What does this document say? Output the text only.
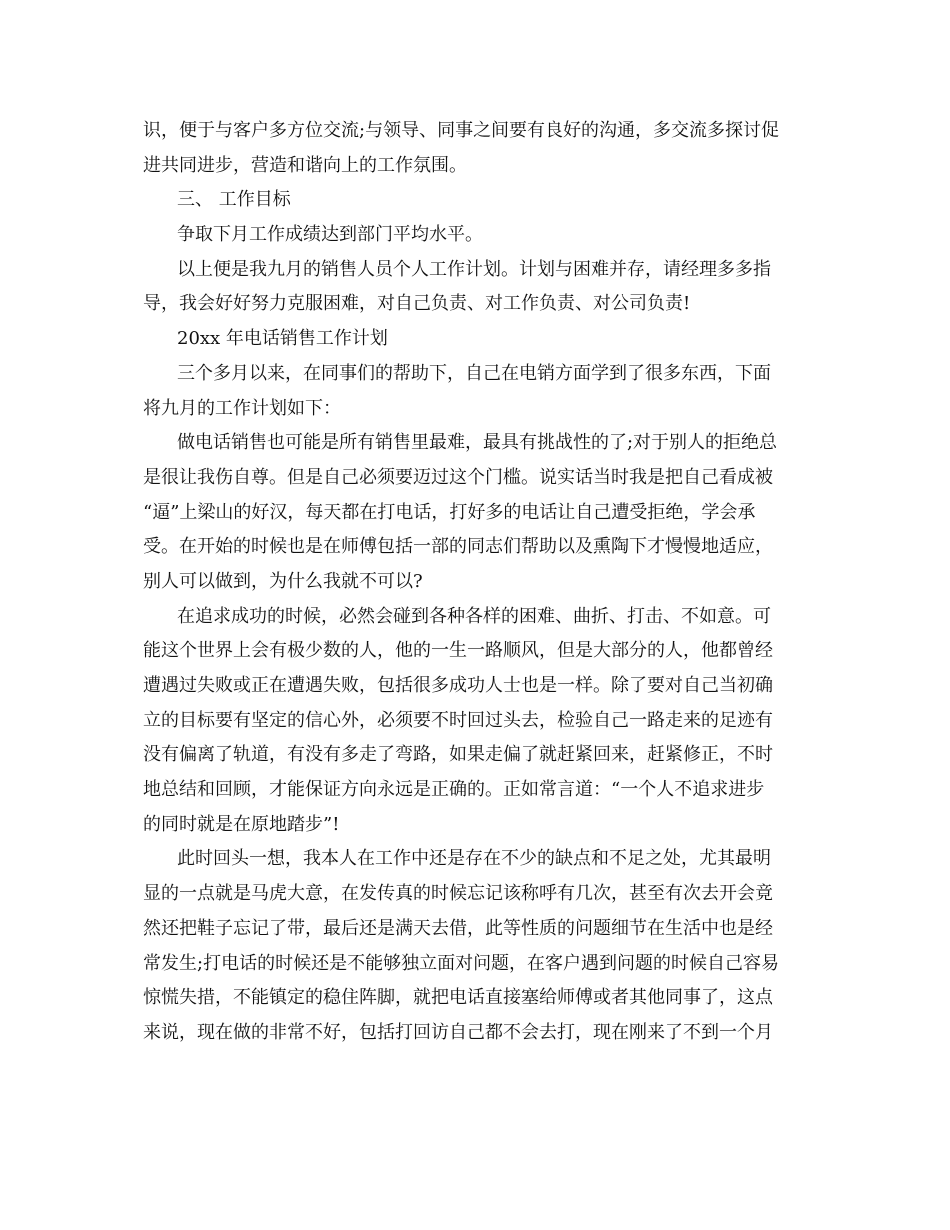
识，便于与客户多方位交流;与领导、同事之间要有良好的沟通，多交流多探讨促
进共同进步，营造和谐向上的工作氛围。
三、 工作目标
争取下月工作成绩达到部门平均水平。
以上便是我九月的销售人员个人工作计划。计划与困难并存，请经理多多指
导，我会好好努力克服困难，对自己负责、对工作负责、对公司负责!
20xx 年电话销售工作计划
三个多月以来，在同事们的帮助下，自己在电销方面学到了很多东西，下面
将九月的工作计划如下：
做电话销售也可能是所有销售里最难，最具有挑战性的了;对于别人的拒绝总
是很让我伤自尊。但是自己必须要迈过这个门槛。说实话当时我是把自己看成被
“逼”上梁山的好汉，每天都在打电话，打好多的电话让自己遭受拒绝，学会承
受。在开始的时候也是在师傅包括一部的同志们帮助以及熏陶下才慢慢地适应，
别人可以做到，为什么我就不可以?
在追求成功的时候，必然会碰到各种各样的困难、曲折、打击、不如意。可
能这个世界上会有极少数的人，他的一生一路顺风，但是大部分的人，他都曾经
遭遇过失败或正在遭遇失败，包括很多成功人士也是一样。除了要对自己当初确
立的目标要有坚定的信心外，必须要不时回过头去，检验自己一路走来的足迹有
没有偏离了轨道，有没有多走了弯路，如果走偏了就赶紧回来，赶紧修正，不时
地总结和回顾，才能保证方向永远是正确的。正如常言道：“一个人不追求进步
的同时就是在原地踏步”!
此时回头一想，我本人在工作中还是存在不少的缺点和不足之处，尤其最明
显的一点就是马虎大意，在发传真的时候忘记该称呼有几次，甚至有次去开会竟
然还把鞋子忘记了带，最后还是满天去借，此等性质的问题细节在生活中也是经
常发生;打电话的时候还是不能够独立面对问题，在客户遇到问题的时候自己容易
惊慌失措，不能镇定的稳住阵脚，就把电话直接塞给师傅或者其他同事了，这点
来说，现在做的非常不好，包括打回访自己都不会去打，现在刚来了不到一个月
